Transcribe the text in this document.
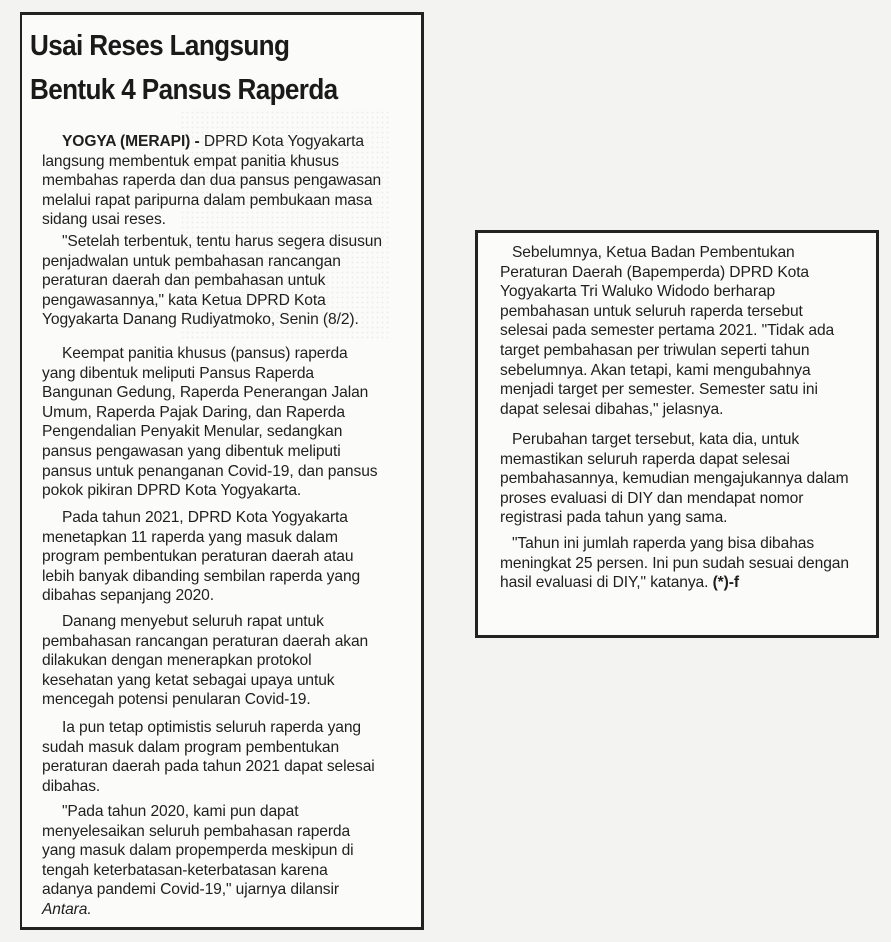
Usai Reses Langsung
Bentuk 4 Pansus Raperda

YOGYA (MERAPI) - DPRD Kota Yogyakarta langsung membentuk empat panitia khusus membahas raperda dan dua pansus pengawasan melalui rapat paripurna dalam pembukaan masa sidang usai reses.

"Setelah terbentuk, tentu harus segera disusun penjadwalan untuk pembahasan rancangan peraturan daerah dan pembahasan untuk pengawasannya," kata Ketua DPRD Kota Yogyakarta Danang Rudiyatmoko, Senin (8/2).

Keempat panitia khusus (pansus) raperda yang dibentuk meliputi Pansus Raperda Bangunan Gedung, Raperda Penerangan Jalan Umum, Raperda Pajak Daring, dan Raperda Pengendalian Penyakit Menular, sedangkan pansus pengawasan yang dibentuk meliputi pansus untuk penanganan Covid-19, dan pansus pokok pikiran DPRD Kota Yogyakarta.

Pada tahun 2021, DPRD Kota Yogyakarta menetapkan 11 raperda yang masuk dalam program pembentukan peraturan daerah atau lebih banyak dibanding sembilan raperda yang dibahas sepanjang 2020.

Danang menyebut seluruh rapat untuk pembahasan rancangan peraturan daerah akan dilakukan dengan menerapkan protokol kesehatan yang ketat sebagai upaya untuk mencegah potensi penularan Covid-19.

Ia pun tetap optimistis seluruh raperda yang sudah masuk dalam program pembentukan peraturan daerah pada tahun 2021 dapat selesai dibahas.

"Pada tahun 2020, kami pun dapat menyelesaikan seluruh pembahasan raperda yang masuk dalam propemperda meskipun di tengah keterbatasan-keterbatasan karena adanya pandemi Covid-19," ujarnya dilansir Antara.

Sebelumnya, Ketua Badan Pembentukan Peraturan Daerah (Bapemperda) DPRD Kota Yogyakarta Tri Waluko Widodo berharap pembahasan untuk seluruh raperda tersebut selesai pada semester pertama 2021. "Tidak ada target pembahasan per triwulan seperti tahun sebelumnya. Akan tetapi, kami mengubahnya menjadi target per semester. Semester satu ini dapat selesai dibahas," jelasnya.

Perubahan target tersebut, kata dia, untuk memastikan seluruh raperda dapat selesai pembahasannya, kemudian mengajukannya dalam proses evaluasi di DIY dan mendapat nomor registrasi pada tahun yang sama.

"Tahun ini jumlah raperda yang bisa dibahas meningkat 25 persen. Ini pun sudah sesuai dengan hasil evaluasi di DIY," katanya. (*)-f
